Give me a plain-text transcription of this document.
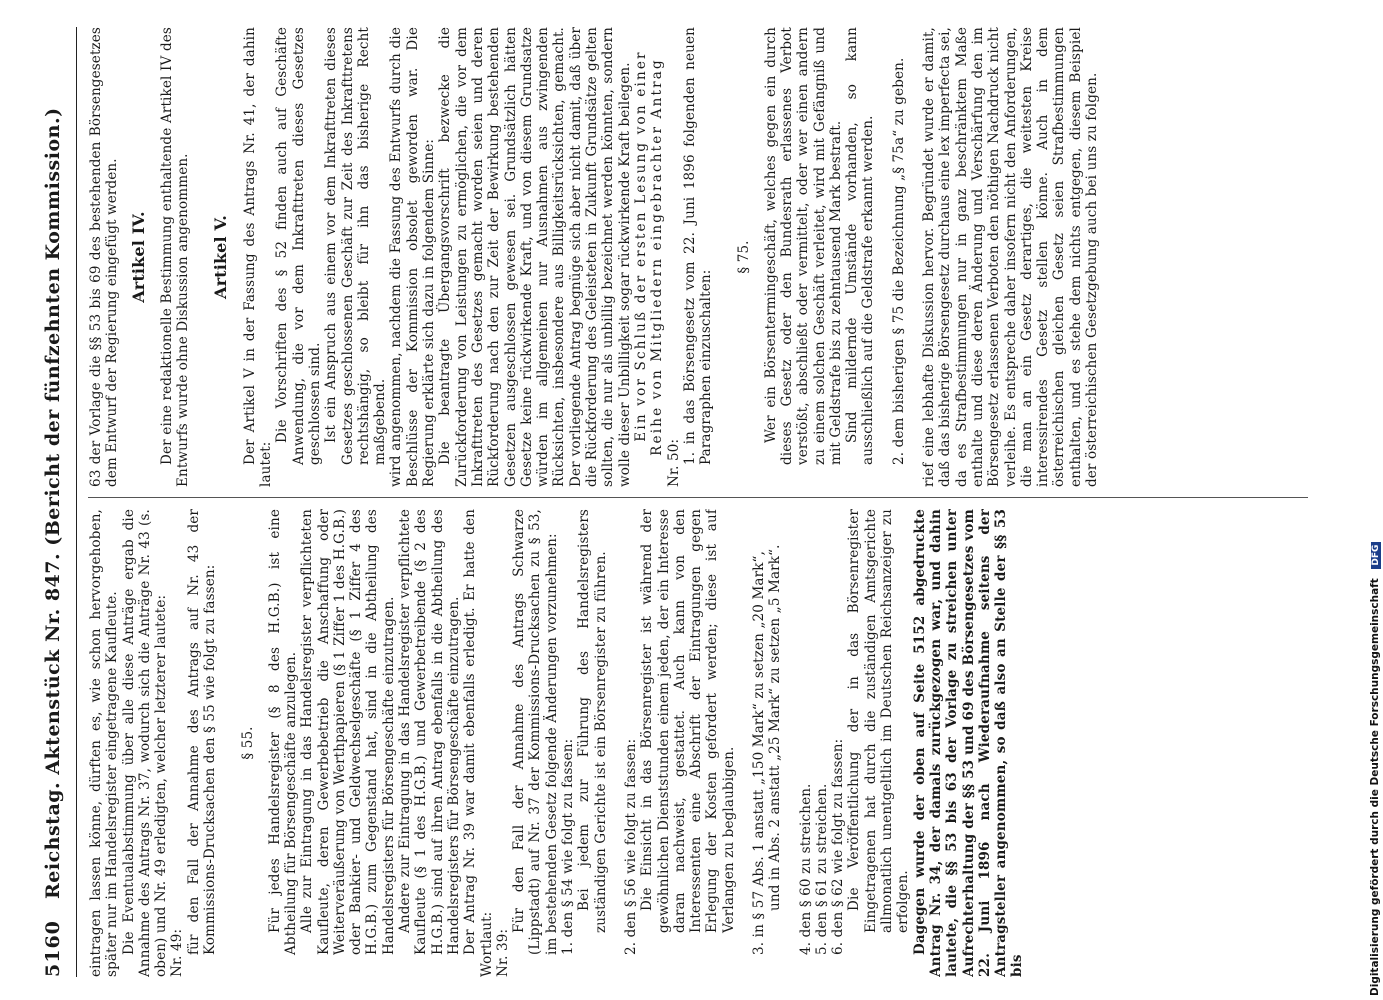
5160
Reichstag. Aktenstück Nr. 847. (Bericht der fünfzehnten Kommission.) eintragen lassen könne, dürften es, wie schon hervorgehoben, später nur im Handelsregister eingetragene Kaufleute. Die Eventualabstimmung über alle diese Anträge ergab die Annahme des Antrags Nr. 37, wodurch sich die Anträge Nr. 43 (s. oben) und Nr. 49 erledigten, welcher letzterer lautete: Nr. 49: für den Fall der Annahme des Antrags auf Nr. 43 der Kommissions-Drucksachen den § 55 wie folgt zu fassen: § 55. Für jedes Handelsregister (§ 8 des H.G.B.) ist eine Abtheilung für Börsengeschäfte anzulegen. Alle zur Eintragung in das Handelsregister verpflichteten Kaufleute, deren Gewerbebetrieb die Anschaffung oder Weiterveräußerung von Werthpapieren (§ 1 Ziffer 1 des H.G.B.) oder Bankier- und Geldwechselgeschäfte (§ 1 Ziffer 4 des H.G.B.) zum Gegenstand hat, sind in die Abtheilung des Handelsregisters für Börsengeschäfte einzutragen. Andere zur Eintragung in das Handelsregister verpflichtete Kaufleute (§ 1 des H.G.B.) und Gewerbetreibende (§ 2 des H.G.B.) sind auf ihren Antrag ebenfalls in die Abtheilung des Handelsregisters für Börsengeschäfte einzutragen. Der Antrag Nr. 39 war damit ebenfalls erledigt. Er hatte den Wortlaut: Nr. 39:

Für den Fall der Annahme des Antrags Schwarze (Lippstadt) auf Nr. 37 der Kommissions-Drucksachen zu § 53, im bestehenden Gesetz folgende Änderungen vorzunehmen: 1. den § 54 wie folgt zu fassen: Bei jedem zur Führung des Handelsregisters zuständigen Gerichte ist ein Börsenregister zu führen. 2. den § 56 wie folgt zu fassen: Die Einsicht in das Börsenregister ist während der gewöhnlichen Dienststunden einem jeden, der ein Interesse daran nachweist, gestattet. Auch kann von den Interessenten eine Abschrift der Eintragungen gegen Erlegung der Kosten gefordert werden; diese ist auf Verlangen zu beglaubigen. 3. in § 57 Abs. 1 anstatt „150 Mark“ zu setzen „20 Mark“, und in Abs. 2 anstatt „25 Mark“ zu setzen „5 Mark“. 4. den § 60 zu streichen. 5. den § 61 zu streichen. 6. den § 62 wie folgt zu fassen: Die Veröffentlichung der in das Börsenregister Eingetragenen hat durch die zuständigen Amtsgerichte allmonatlich unentgeltlich im Deutschen Reichsanzeiger zu erfolgen. Dagegen wurde der oben auf Seite 5152 abgedruckte Antrag Nr. 34, der damals zurückgezogen war, und dahin lautete, die §§ 53 bis 63 der Vorlage zu streichen unter Aufrechterhaltung der §§ 53 und 69 des Börsengesetzes vom 22. Juni 1896 nach Wiederaufnahme seitens der Antragsteller angenommen, so daß also an Stelle der §§ 53 bis

63 der Vorlage die §§ 53 bis 69 des bestehenden Börsengesetzes dem Entwurf der Regierung eingefügt werden. Artikel IV. Der eine redaktionelle Bestimmung enthaltende Artikel IV des Entwurfs wurde ohne Diskussion angenommen. Artikel V. Der Artikel V in der Fassung des Antrags Nr. 41, der dahin lautet:

Die Vorschriften des § 52 finden auch auf Geschäfte Anwendung, die vor dem Inkrafttreten dieses Gesetzes geschlossen sind. Ist ein Anspruch aus einem vor dem Inkrafttreten dieses Gesetzes geschlossenen Geschäft zur Zeit des Inkrafttretens rechtshängig, so bleibt für ihn das bisherige Recht maßgebend. wird angenommen, nachdem die Fassung des Entwurfs durch die Beschlüsse der Kommission obsolet geworden war. Die Regierung erklärte sich dazu in folgendem Sinne: Die beantragte Übergangsvorschrift bezwecke die Zurückforderung von Leistungen zu ermöglichen, die vor dem Inkrafttreten des Gesetzes gemacht worden seien und deren Rückforderung nach den zur Zeit der Bewirkung bestehenden Gesetzen ausgeschlossen gewesen sei. Grundsätzlich hätten Gesetze keine rückwirkende Kraft, und von diesem Grundsatze würden im allgemeinen nur Ausnahmen aus zwingenden Rücksichten, insbesondere aus Billigkeitsrücksichten, gemacht. Der vorliegende Antrag begnüge sich aber nicht damit, daß über die Rückforderung des Geleisteten in Zukunft Grundsätze gelten sollten, die nur als unbillig bezeichnet werden könnten, sondern wolle dieser Unbilligkeit sogar rückwirkende Kraft beilegen. Ein vor Schluß der ersten Lesung von einer Reihe von Mitgliedern eingebrachter Antrag

Nr. 50: 1. in das Börsengesetz vom 22. Juni 1896 folgenden neuen Paragraphen einzuschalten:

§ 75. Wer ein Börsentermingeschäft, welches gegen ein durch dieses Gesetz oder den Bundesrath erlassenes Verbot verstößt, abschließt oder vermittelt, oder wer einen andern zu einem solchen Geschäft verleitet, wird mit Gefängniß und mit Geldstrafe bis zu zehntausend Mark bestraft. Sind mildernde Umstände vorhanden, so kann ausschließlich auf die Geldstrafe erkannt werden. 2. dem bisherigen § 75 die Bezeichnung „§ 75a“ zu geben. rief eine lebhafte Diskussion hervor. Begründet wurde er damit, daß das bisherige Börsengesetz durchaus eine lex imperfecta sei, da es Strafbestimmungen nur in ganz beschränktem Maße enthalte und diese deren Änderung und Verschärfung den im Börsengesetz erlassenen Verboten den nöthigen Nachdruck nicht verleihe. Es entspreche daher insofern nicht den Anforderungen, die man an ein Gesetz derartiges, die weitesten Kreise interessirendes Gesetz stellen könne. Auch in dem österreichischen gleichen Gesetz seien Strafbestimmungen enthalten, und es stehe dem nichts entgegen, diesem Beispiel der österreichischen Gesetzgebung auch bei uns zu folgen.

Digitalisierung gefördert durch die Deutsche Forschungsgemeinschaft DFG
